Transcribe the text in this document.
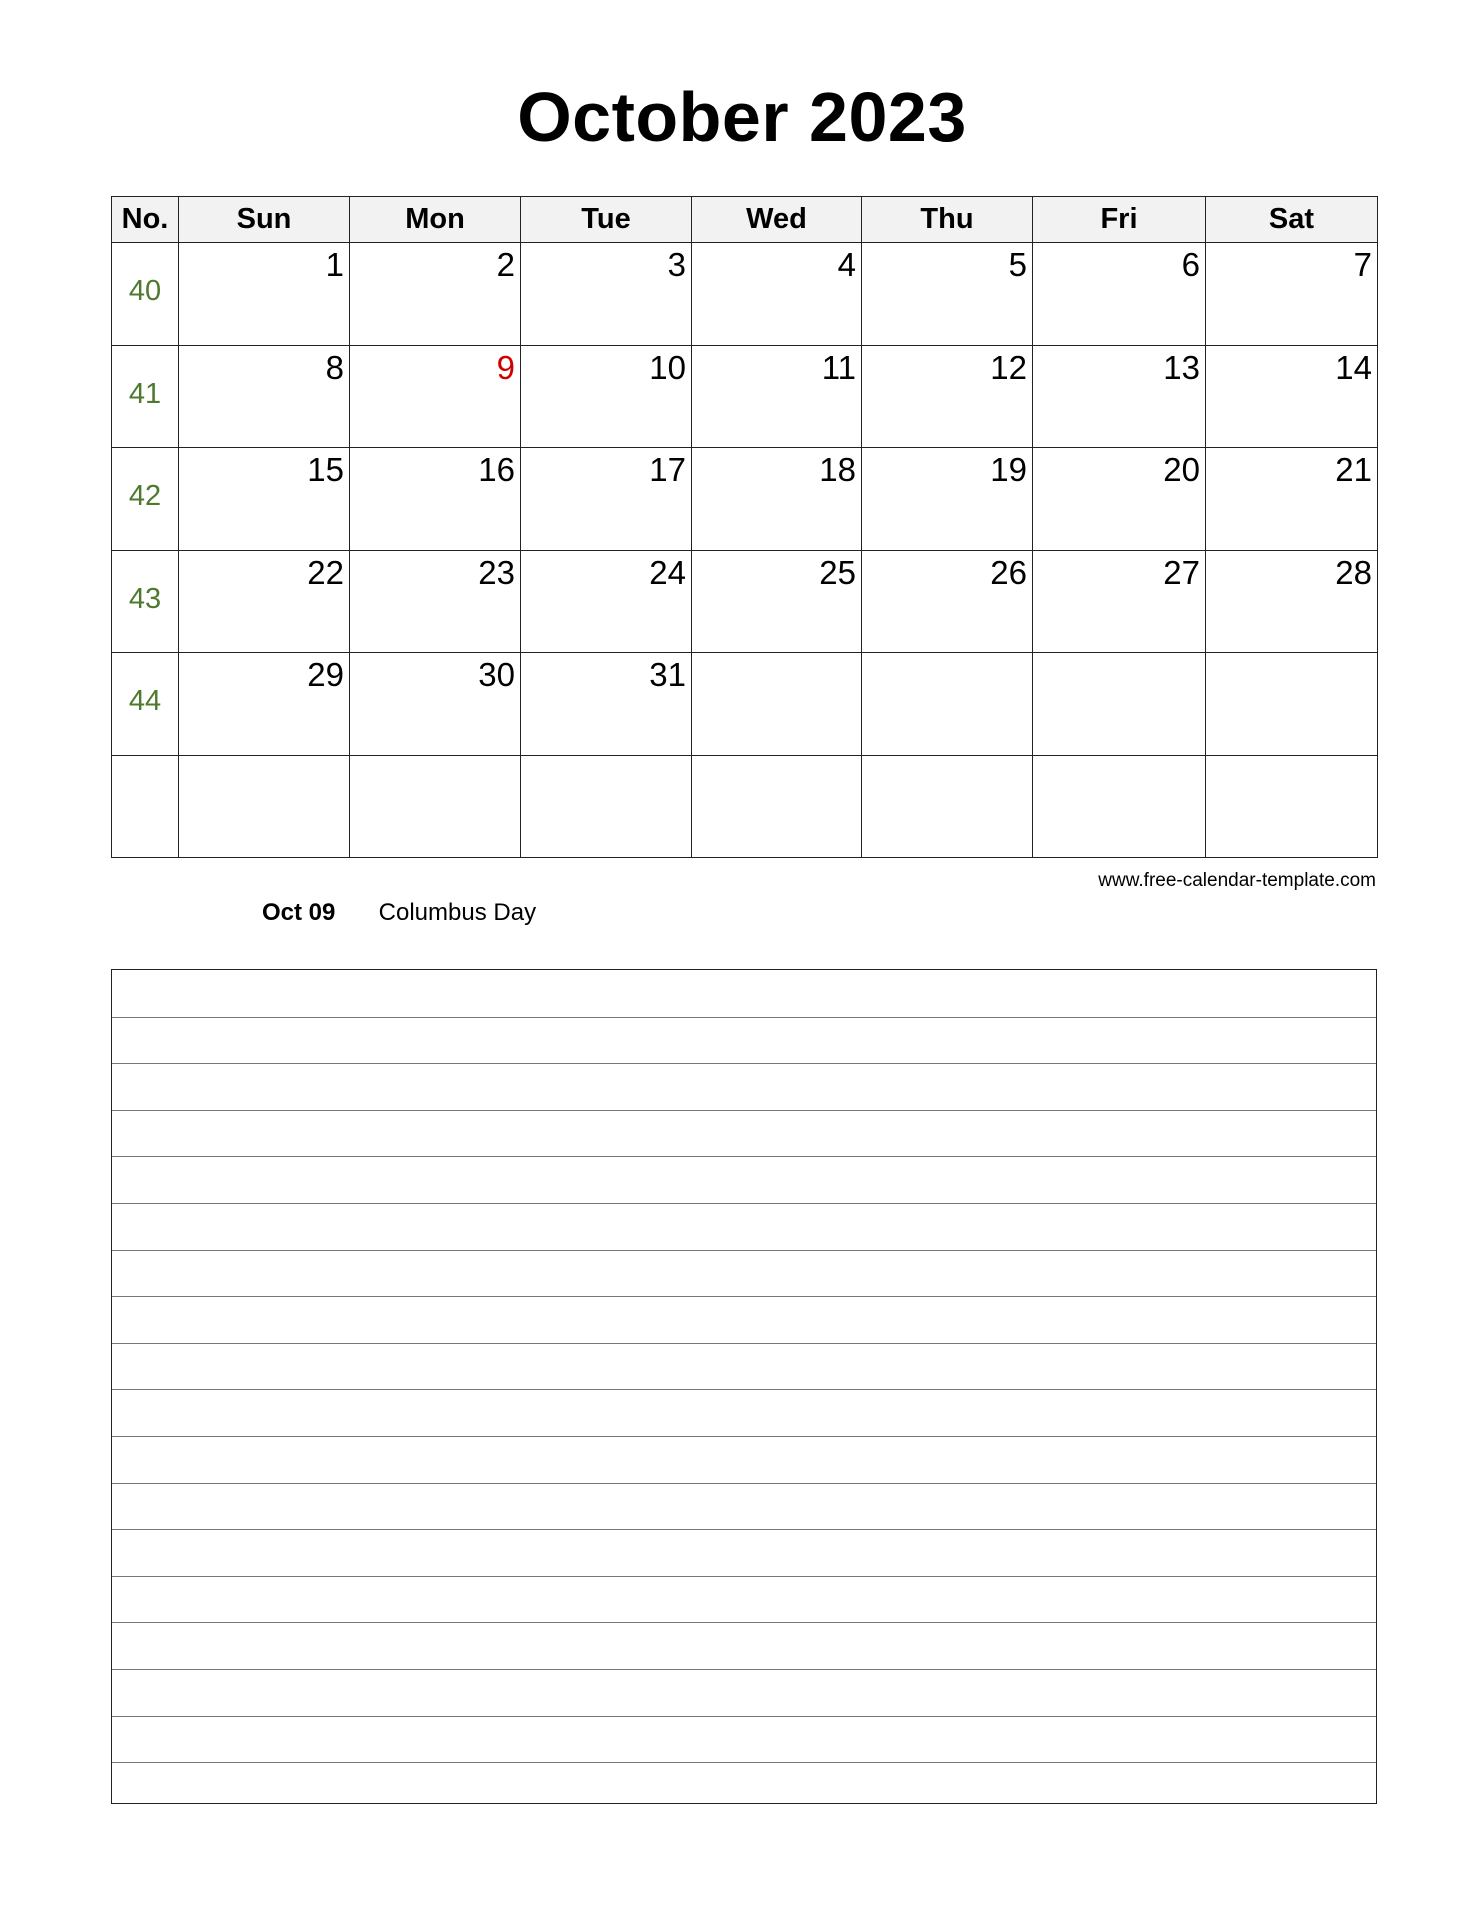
October 2023
No.	Sun	Mon	Tue	Wed	Thu	Fri	Sat

40	1	2	3	4	5	6	7

41	8	9	10	11	12	13	14

42	15	16	17	18	19	20	21

43	22	23	24	25	26	27	28

44	29	30	31				

www.free-calendar-template.com
Oct 09 Columbus Day
